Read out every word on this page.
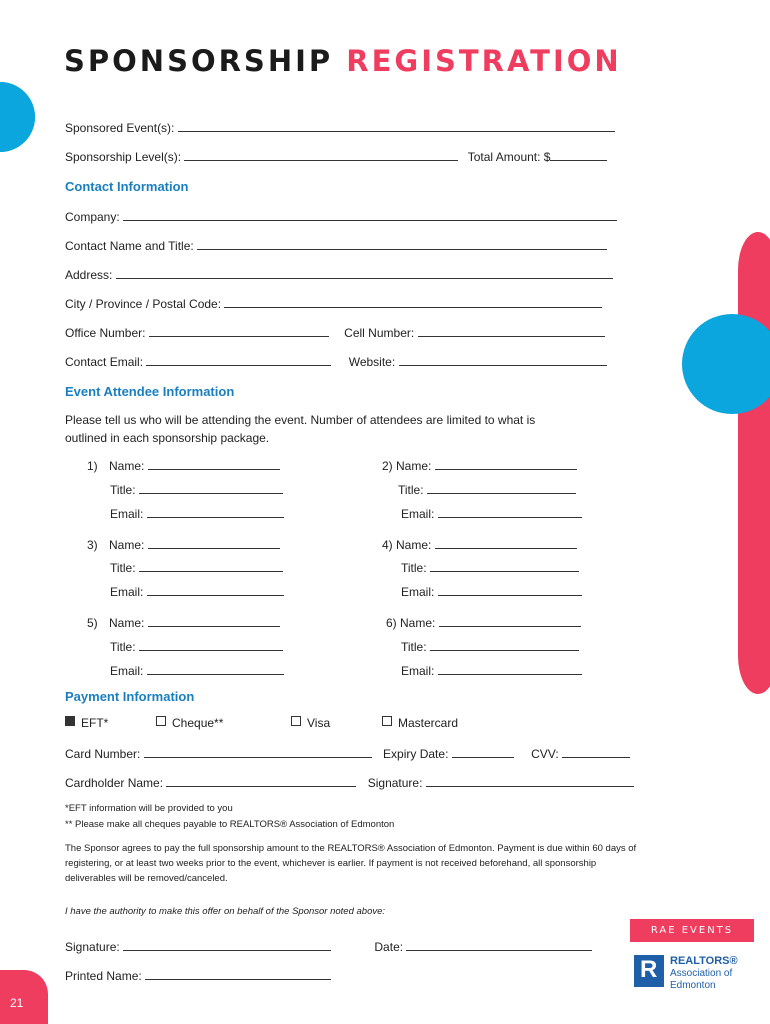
SPONSORSHIP REGISTRATION
Sponsored Event(s):
Sponsorship Level(s):	Total Amount: $
Contact Information
Company:
Contact Name and Title:
Address:
City / Province / Postal Code:
Office Number:	Cell Number:
Contact Email:	Website:
Event Attendee Information
Please tell us who will be attending the event. Number of attendees are limited to what is
outlined in each sponsorship package.
1) Name:
Title:
Email:
2) Name:
Title:
Email:
3) Name:
Title:
Email:
4) Name:
Title:
Email:
5) Name:
Title:
Email:
6) Name:
Title:
Email:
Payment Information
EFT*	Cheque**	Visa	Mastercard
Card Number:	Expiry Date:	CVV:
Cardholder Name:	Signature:
*EFT information will be provided to you
** Please make all cheques payable to REALTORS® Association of Edmonton
The Sponsor agrees to pay the full sponsorship amount to the REALTORS® Association of Edmonton. Payment is due within 60 days of registering, or at least two weeks prior to the event, whichever is earlier. If payment is not received beforehand, all sponsorship deliverables will be removed/canceled.
I have the authority to make this offer on behalf of the Sponsor noted above:
Signature:	Date:
Printed Name:
RAE EVENTS
R REALTORS®
Association of
Edmonton
21
